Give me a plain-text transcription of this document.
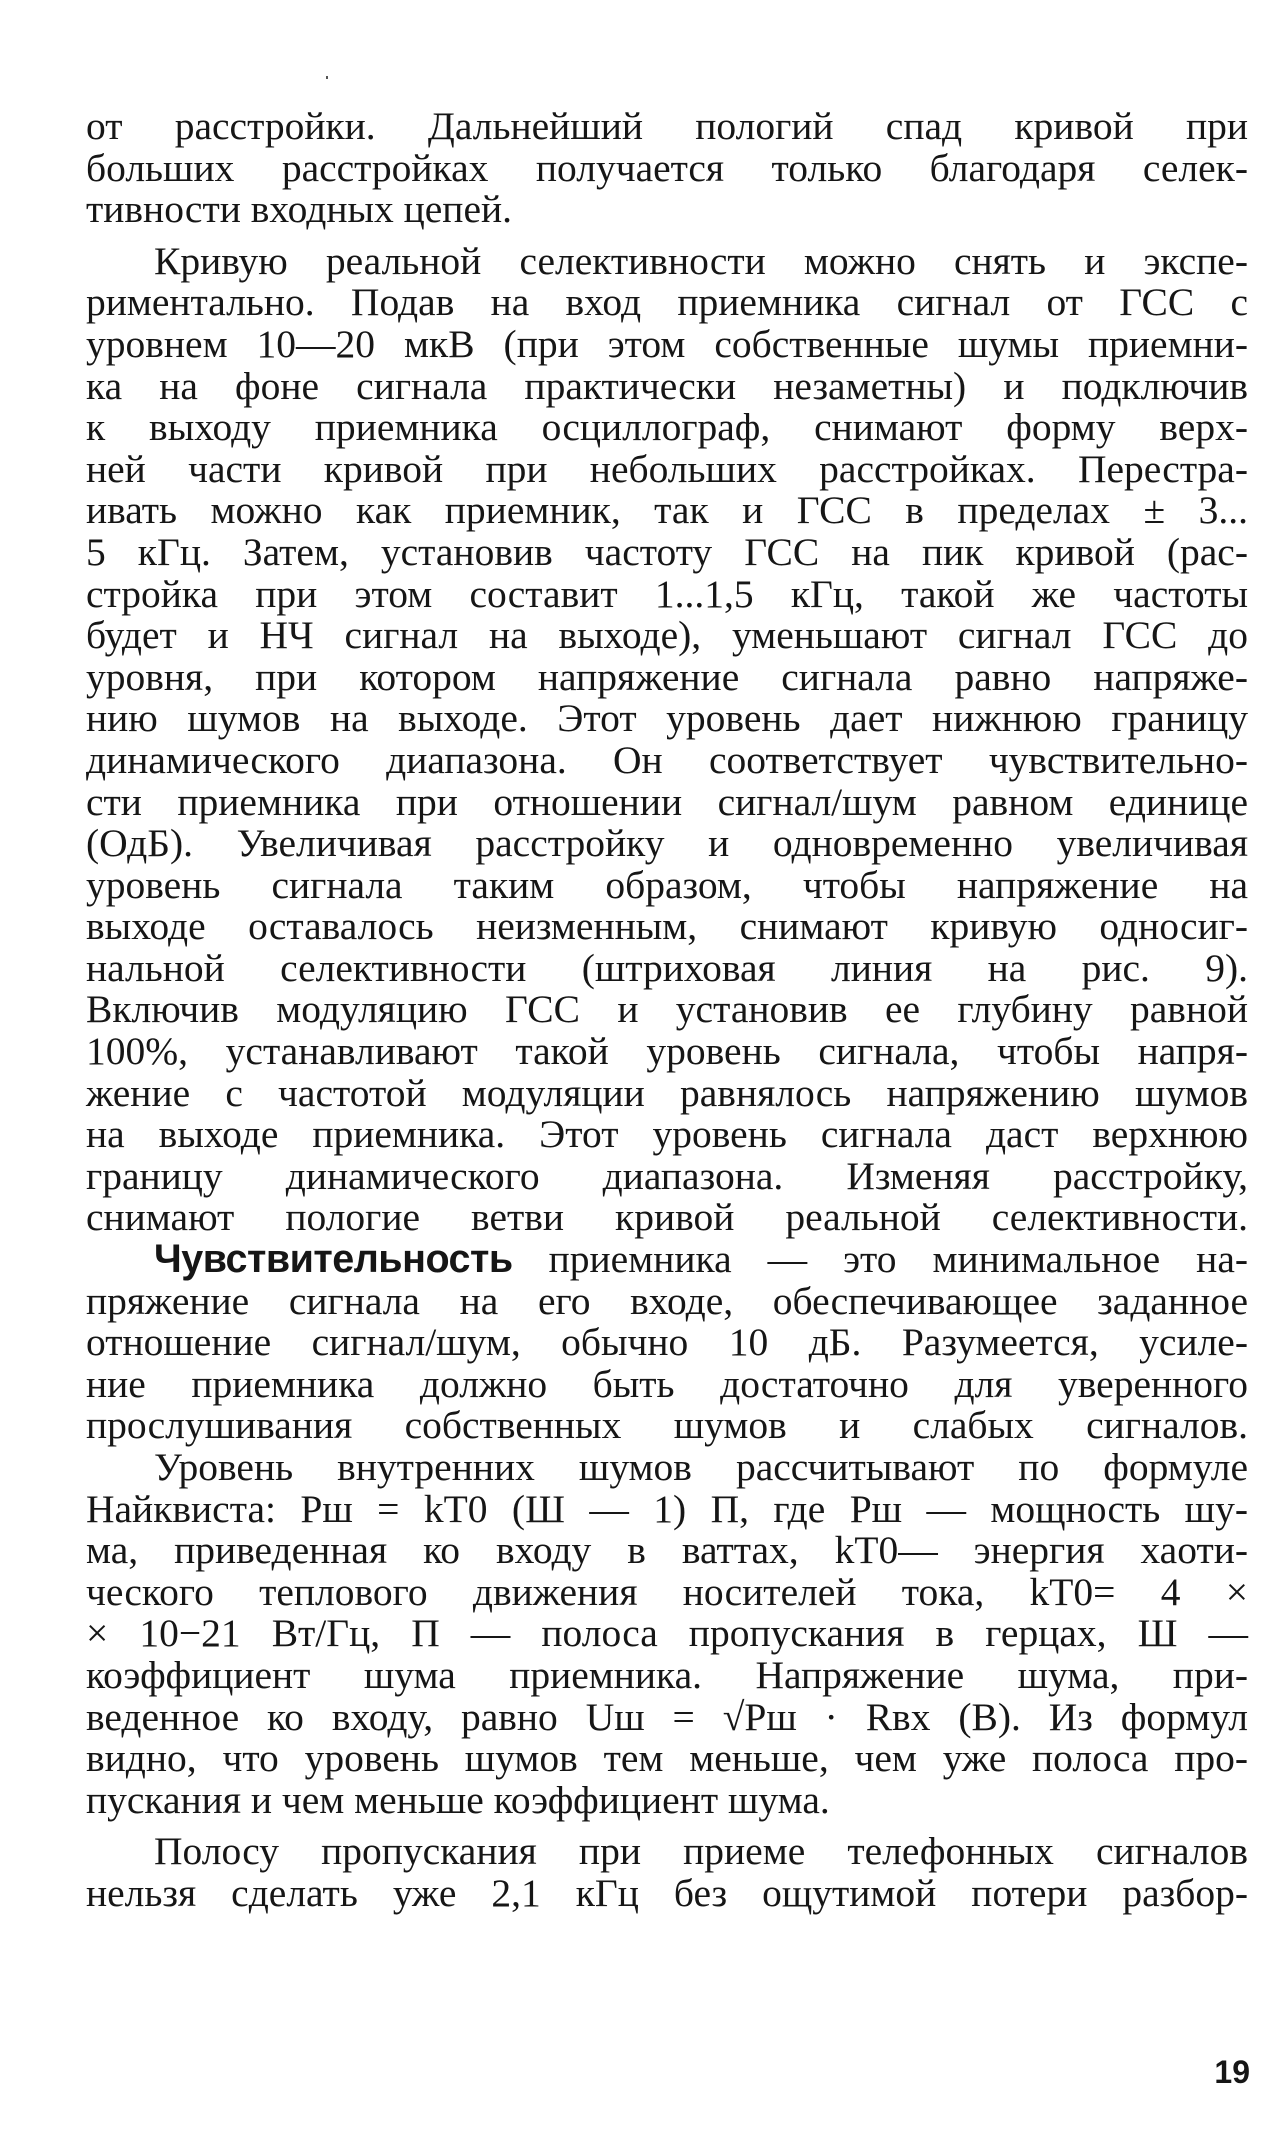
от расстройки. Дальнейший пологий спад кривой при
больших расстройках получается только благодаря селек-
тивности входных цепей.

Кривую реальной селективности можно снять и экспе-
риментально. Подав на вход приемника сигнал от ГСС с
уровнем 10—20 мкВ (при этом собственные шумы приемни-
ка на фоне сигнала практически незаметны) и подключив
к выходу приемника осциллограф, снимают форму верх-
ней части кривой при небольших расстройках. Перестра-
ивать можно как приемник, так и ГСС в пределах ± 3...
5 кГц. Затем, установив частоту ГСС на пик кривой (рас-
стройка при этом составит 1...1,5 кГц, такой же частоты
будет и НЧ сигнал на выходе), уменьшают сигнал ГСС до
уровня, при котором напряжение сигнала равно напряже-
нию шумов на выходе. Этот уровень дает нижнюю границу
динамического диапазона. Он соответствует чувствительно-
сти приемника при отношении сигнал/шум равном единице
(ОдБ). Увеличивая расстройку и одновременно увеличивая
уровень сигнала таким образом, чтобы напряжение на
выходе оставалось неизменным, снимают кривую односиг-
нальной селективности (штриховая линия на рис. 9).
Включив модуляцию ГСС и установив ее глубину равной
100%, устанавливают такой уровень сигнала, чтобы напря-
жение с частотой модуляции равнялось напряжению шумов
на выходе приемника. Этот уровень сигнала даст верхнюю
границу динамического диапазона. Изменяя расстройку,
снимают пологие ветви кривой реальной селективности.

Чувствительность приемника — это минимальное на-
пряжение сигнала на его входе, обеспечивающее заданное
отношение сигнал/шум, обычно 10 дБ. Разумеется, усиле-
ние приемника должно быть достаточно для уверенного
прослушивания собственных шумов и слабых сигналов.

Уровень внутренних шумов рассчитывают по формуле
Найквиста: Pш = kT0 (Ш — 1) П, где Pш — мощность шу-
ма, приведенная ко входу в ваттах, kT0— энергия хаоти-
ческого теплового движения носителей тока, kT0= 4 ×
× 10−21 Вт/Гц, П — полоса пропускания в герцах, Ш —
коэффициент шума приемника. Напряжение шума, при-
веденное ко входу, равно Uш = √Pш · Rвх (В). Из формул
видно, что уровень шумов тем меньше, чем уже полоса про-
пускания и чем меньше коэффициент шума.

Полосу пропускания при приеме телефонных сигналов
нельзя сделать уже 2,1 кГц без ощутимой потери разбор-

19
